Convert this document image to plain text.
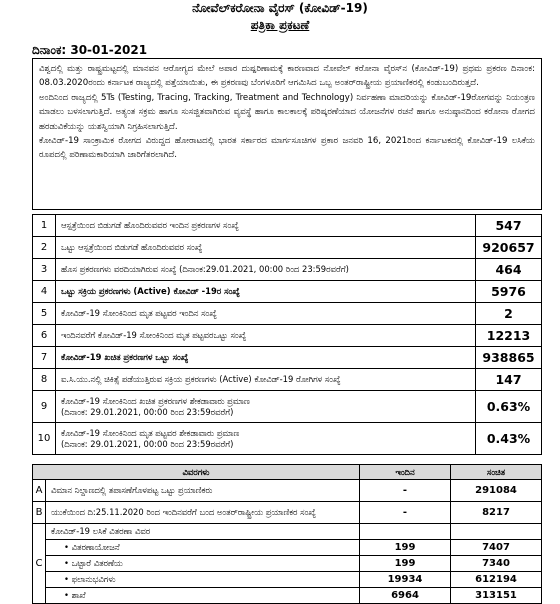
ನೋವೆಲ್‌ಕರೋನಾ ವೈರಸ್ (ಕೋವಿಡ್-19)
ಪತ್ರಿಕಾ ಪ್ರಕಟಣೆ
ದಿನಾಂಕ: 30-01-2021

ವಿಶ್ವದಲ್ಲಿ ಮತ್ತು ರಾಷ್ಟ್ರಮಟ್ಟದಲ್ಲಿ ಮಾನವನ ಆರೋಗ್ಯದ ಮೇಲೆ ಅಪಾರ ದುಷ್ಪರಿಣಾಮಕ್ಕೆ ಕಾರಣವಾದ ನೋವೆಲ್ ಕರೋನಾ ವೈರಸ್‌ನ (ಕೋವಿಡ್-19) ಪ್ರಥಮ ಪ್ರಕರಣ ದಿನಾಂಕ: 08.03.2020ರಂದು ಕರ್ನಾಟಕ ರಾಜ್ಯದಲ್ಲಿ ಪತ್ತೆಯಾಯಿತು, ಈ ಪ್ರಕರಣವು ಬೆಂಗಳೂರಿಗೆ ಆಗಮಿಸಿದ ಒಬ್ಬ ಅಂತರ್‌ರಾಷ್ಟ್ರೀಯ ಪ್ರಯಾಣಿಕರಲ್ಲಿ ಕಂಡುಬಂದಿರುತ್ತದೆ.

ಅಂದಿನಿಂದ ರಾಜ್ಯದಲ್ಲಿ 5Ts (Testing, Tracing, Tracking, Treatment and Technology) ನಿರ್ವಹಣಾ ಮಾದರಿಯನ್ನು ಕೋವಿಡ್-19ರೋಗವನ್ನು ನಿಯಂತ್ರಣ ಮಾಡಲು ಬಳಸಲಾಗುತ್ತಿದೆ. ಅತ್ಯಂತ ಸಕ್ರಮ ಹಾಗೂ ಸುಸಜ್ಜಿತವಾಗಿರುವ ವ್ಯವಸ್ಥೆ ಹಾಗೂ ಕಾಲಕಾಲಕ್ಕೆ ಪರಿಷ್ಕರಣೆಯಾದ ಯೋಜನೆಗಳ ರಚನೆ ಹಾಗೂ ಅನುಷ್ಠಾನದಿಂದ ಕರೋನಾ ರೋಗದ ಹರಡುವಿಕೆಯನ್ನು ಯಶಸ್ವಿಯಾಗಿ ನಿಗ್ರಹಿಸಲಾಗುತ್ತಿದೆ.

ಕೋವಿಡ್-19 ಸಾಂಕ್ರಾಮಿಕ ರೋಗದ ವಿರುದ್ದದ ಹೋರಾಟದಲ್ಲಿ ಭಾರತ ಸರ್ಕಾರದ ಮಾರ್ಗಸೂಚಿಗಳ ಪ್ರಕಾರ ಜನವರಿ 16, 2021ರಿಂದ ಕರ್ನಾಟಕದಲ್ಲಿ ಕೋವಿಡ್-19 ಲಸಿಕೆಯ ರೂಪದಲ್ಲಿ ಪರಿಣಾಮಕಾರಿಯಾಗಿ ಜಾರಿಗೆತರಲಾಗಿದೆ.

1	ಆಸ್ಪತ್ರೆಯಿಂದ ಬಿಡುಗಡೆ ಹೊಂದಿರುವವರ ಇಂದಿನ ಪ್ರಕರಣಗಳ ಸಂಖ್ಯೆ	547
2	ಒಟ್ಟು ಆಸ್ಪತ್ರೆಯಿಂದ ಬಿಡುಗಡೆ ಹೊಂದಿರುವವರ ಸಂಖ್ಯೆ	920657
3	ಹೊಸ ಪ್ರಕರಣಗಳು ವರದಿಯಾಗಿರುವ ಸಂಖ್ಯೆ (ದಿನಾಂಕ:29.01.2021, 00:00 ರಿಂದ 23:59ರವರೆಗೆ)	464
4	ಒಟ್ಟು ಸಕ್ರಿಯ ಪ್ರಕರಣಗಳು (Active) ಕೋವಿಡ್ -19ರ ಸಂಖ್ಯೆ	5976
5	ಕೋವಿಡ್-19 ಸೋಂಕಿನಿಂದ ಮೃತ ಪಟ್ಟವರ ಇಂದಿನ ಸಂಖ್ಯೆ	2
6	ಇಂದಿನವರೆಗೆ ಕೋವಿಡ್-19 ಸೋಂಕಿನಿಂದ ಮೃತ ಪಟ್ಟವರಒಟ್ಟು ಸಂಖ್ಯೆ	12213
7	ಕೋವಿಡ್-19 ಖಚಿತ ಪ್ರಕರಣಗಳ ಒಟ್ಟು ಸಂಖ್ಯೆ	938865
8	ಐ.ಸಿ.ಯು.ನಲ್ಲಿ ಚಿಕಿತ್ಸೆ ಪಡೆಯುತ್ತಿರುವ ಸಕ್ರಿಯ ಪ್ರಕರಣಗಳು (Active) ಕೋವಿಡ್-19 ರೋಗಿಗಳ ಸಂಖ್ಯೆ	147
9	ಕೋವಿಡ್-19 ಸೋಂಕಿನಿಂದ ಖಚಿತ ಪ್ರಕರಣಗಳ ಶೇಕಡಾವಾರು ಪ್ರಮಾಣ
(ದಿನಾಂಕ: 29.01.2021, 00:00 ರಿಂದ 23:59ರವರೆಗೆ)	0.63%
10	ಕೋವಿಡ್-19 ಸೋಂಕಿನಿಂದ ಮೃತ ಪಟ್ಟವರ ಶೇಕಡಾವಾರು ಪ್ರಮಾಣ
(ದಿನಾಂಕ: 29.01.2021, 00:00 ರಿಂದ 23:59ರವರೆಗೆ)	0.43%
ವಿವರಗಳು		ಇಂದಿನ	ಸಂಚಿತ
A	ವಿಮಾನ ನಿಲ್ದಾಣದಲ್ಲಿ ತಪಾಸಣೆಗೊಳಪಟ್ಟ ಒಟ್ಟು ಪ್ರಯಾಣಿಕರು	-	291084
B	ಯುಕೆಯಿಂದ ದಿ:25.11.2020 ರಿಂದ ಇಂದಿನವರೆಗೆ ಬಂದ ಅಂತರ್‌ರಾಷ್ಟ್ರೀಯ ಪ್ರಯಾಣಿಕರ ಸಂಖ್ಯೆ	-	8217
C	ಕೋವಿಡ್-19 ಲಸಿಕೆ ವಿತರಣಾ ವಿವರ		
	• ವಿತರಣಾಯೋಜನೆ	199	7407
	• ಒಟ್ಟಾರೆ ವಿತರಣೆಯ	199	7340
	• ಫಲಾನುಭವಿಗಳು	19934	612194
	• ಶಾಖೆ	6964	313151
